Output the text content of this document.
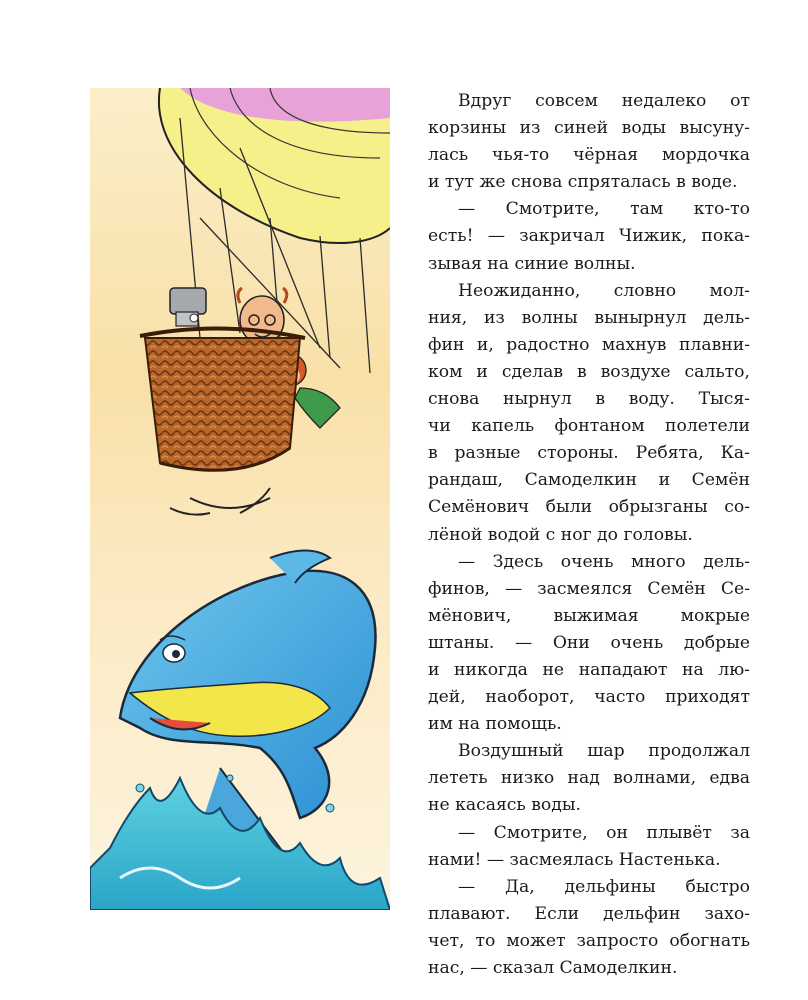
Вдруг совсем недалеко от
корзины из синей воды высуну-
лась чья-то чёрная мордочка
и тут же снова спряталась в воде.
— Смотрите, там кто-то
есть! — закричал Чижик, пока-
зывая на синие волны.
Неожиданно, словно мол-
ния, из волны вынырнул дель-
фин и, радостно махнув плавни-
ком и сделав в воздухе сальто,
снова нырнул в воду. Тыся-
чи капель фонтаном полетели
в разные стороны. Ребята, Ка-
рандаш, Самоделкин и Семён
Семёнович были обрызганы со-
лёной водой с ног до головы.
— Здесь очень много дель-
финов, — засмеялся Семён Се-
мёнович, выжимая мокрые
штаны. — Они очень добрые
и никогда не нападают на лю-
дей, наоборот, часто приходят
им на помощь.
Воздушный шар продолжал
лететь низко над волнами, едва
не касаясь воды.
— Смотрите, он плывёт за
нами! — засмеялась Настенька.
— Да, дельфины быстро
плавают. Если дельфин захо-
чет, то может запросто обогнать
нас, — сказал Самоделкин.
